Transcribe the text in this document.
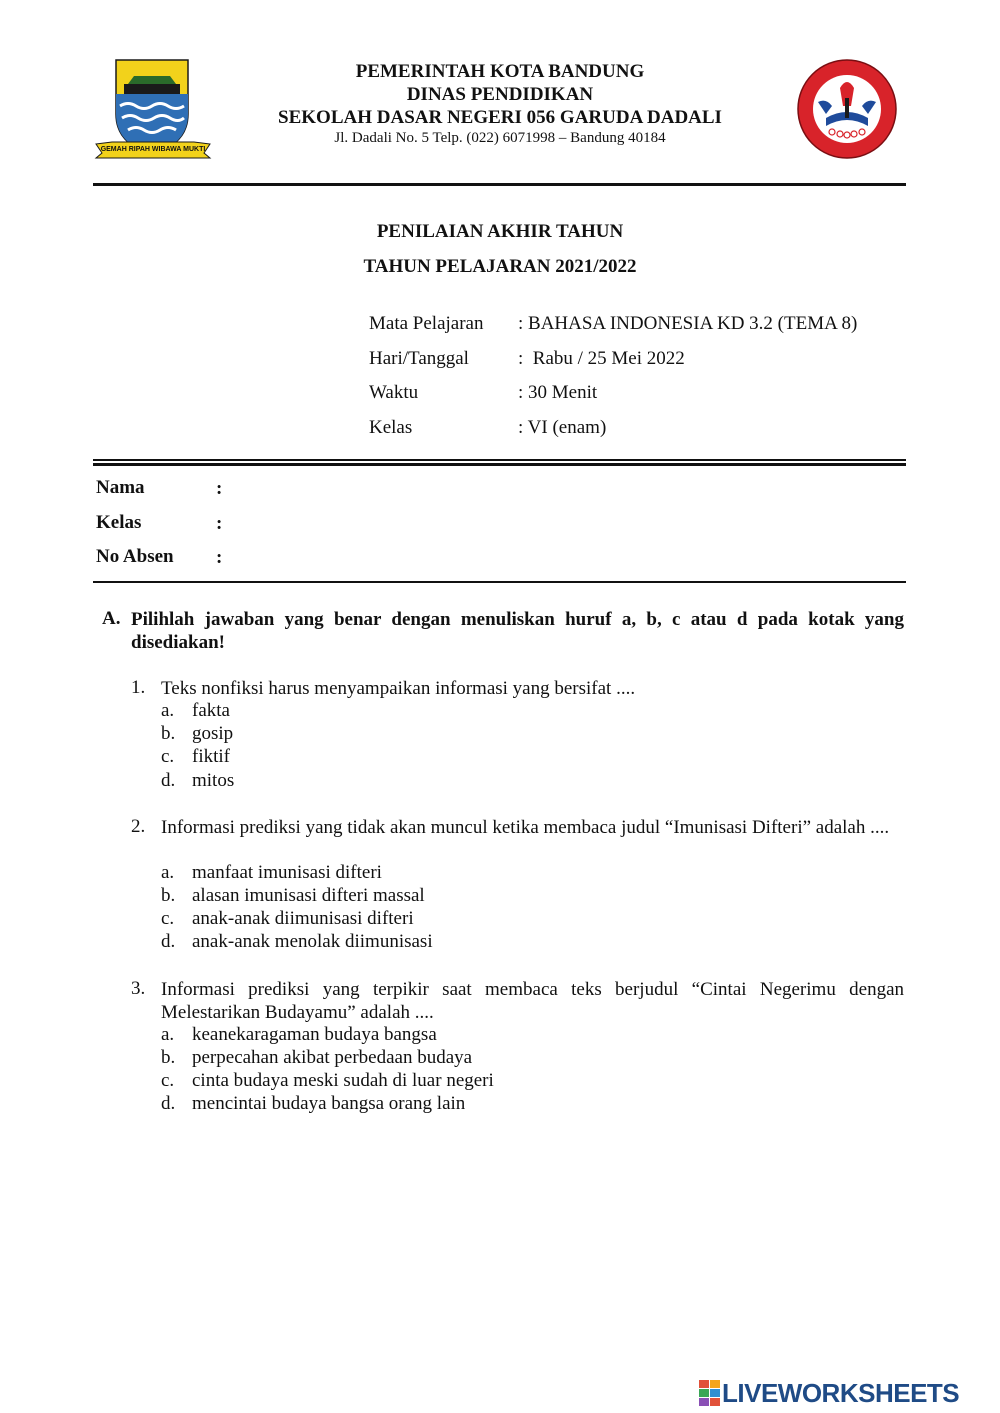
GEMAH RIPAH WIBAWA MUKTI
PEMERINTAH KOTA BANDUNG
DINAS PENDIDIKAN
SEKOLAH DASAR NEGERI 056 GARUDA DADALI
Jl. Dadali No. 5 Telp. (022) 6071998 – Bandung 40184
PENILAIAN AKHIR TAHUN
TAHUN PELAJARAN 2021/2022
Mata Pelajaran : BAHASA INDONESIA KD 3.2 (TEMA 8)
Hari/Tanggal	:  Rabu / 25 Mei 2022
Waktu	: 30 Menit
Kelas	: VI (enam)
Nama	:
Kelas	:
No Absen :
A. Pilihlah jawaban yang benar dengan menuliskan huruf a, b, c atau d pada kotak yang disediakan!
1. Teks nonfiksi harus menyampaikan informasi yang bersifat ....
a. fakta
b. gosip
c. fiktif
d. mitos
2. Informasi prediksi yang tidak akan muncul ketika membaca judul “Imunisasi Difteri” adalah ....
a. manfaat imunisasi difteri
b. alasan imunisasi difteri massal
c. anak-anak diimunisasi difteri
d. anak-anak menolak diimunisasi
3. Informasi prediksi yang terpikir saat membaca teks berjudul “Cintai Negerimu dengan Melestarikan Budayamu” adalah ....
a. keanekaragaman budaya bangsa
b. perpecahan akibat perbedaan budaya
c. cinta budaya meski sudah di luar negeri
d. mencintai budaya bangsa orang lain
LIVEWORKSHEETS
